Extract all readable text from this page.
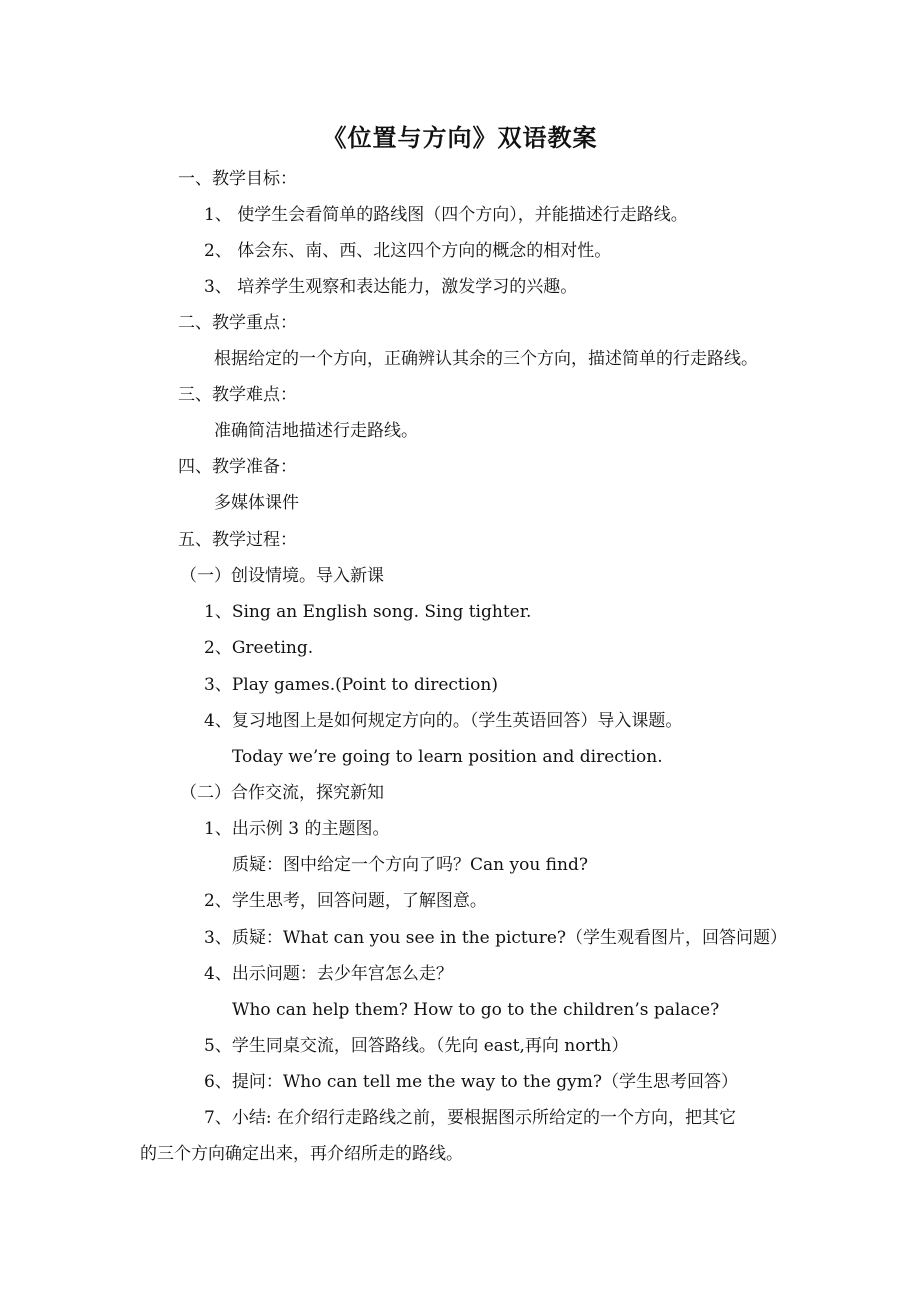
《位置与方向》双语教案
一、教学目标：
1、 使学生会看简单的路线图（四个方向），并能描述行走路线。
2、 体会东、南、西、北这四个方向的概念的相对性。
3、 培养学生观察和表达能力，激发学习的兴趣。
二、教学重点：
根据给定的一个方向，正确辨认其余的三个方向，描述简单的行走路线。
三、教学难点：
准确简洁地描述行走路线。
四、教学准备：
多媒体课件
五、教学过程：
（一）创设情境。导入新课
1、Sing an English song. Sing tighter.
2、Greeting.
3、Play games.(Point to direction)
4、复习地图上是如何规定方向的。（学生英语回答）导入课题。
Today we’re going to learn position and direction.
（二）合作交流，探究新知
1、出示例 3 的主题图。
质疑：图中给定一个方向了吗？Can you find?
2、学生思考，回答问题，了解图意。
3、质疑：What can you see in the picture?（学生观看图片，回答问题）
4、出示问题：去少年宫怎么走？
Who can help them? How to go to the children’s palace?
5、学生同桌交流，回答路线。（先向 east,再向 north）
6、提问：Who can tell me the way to the gym?（学生思考回答）
7、小结: 在介绍行走路线之前，要根据图示所给定的一个方向，把其它
的三个方向确定出来，再介绍所走的路线。
